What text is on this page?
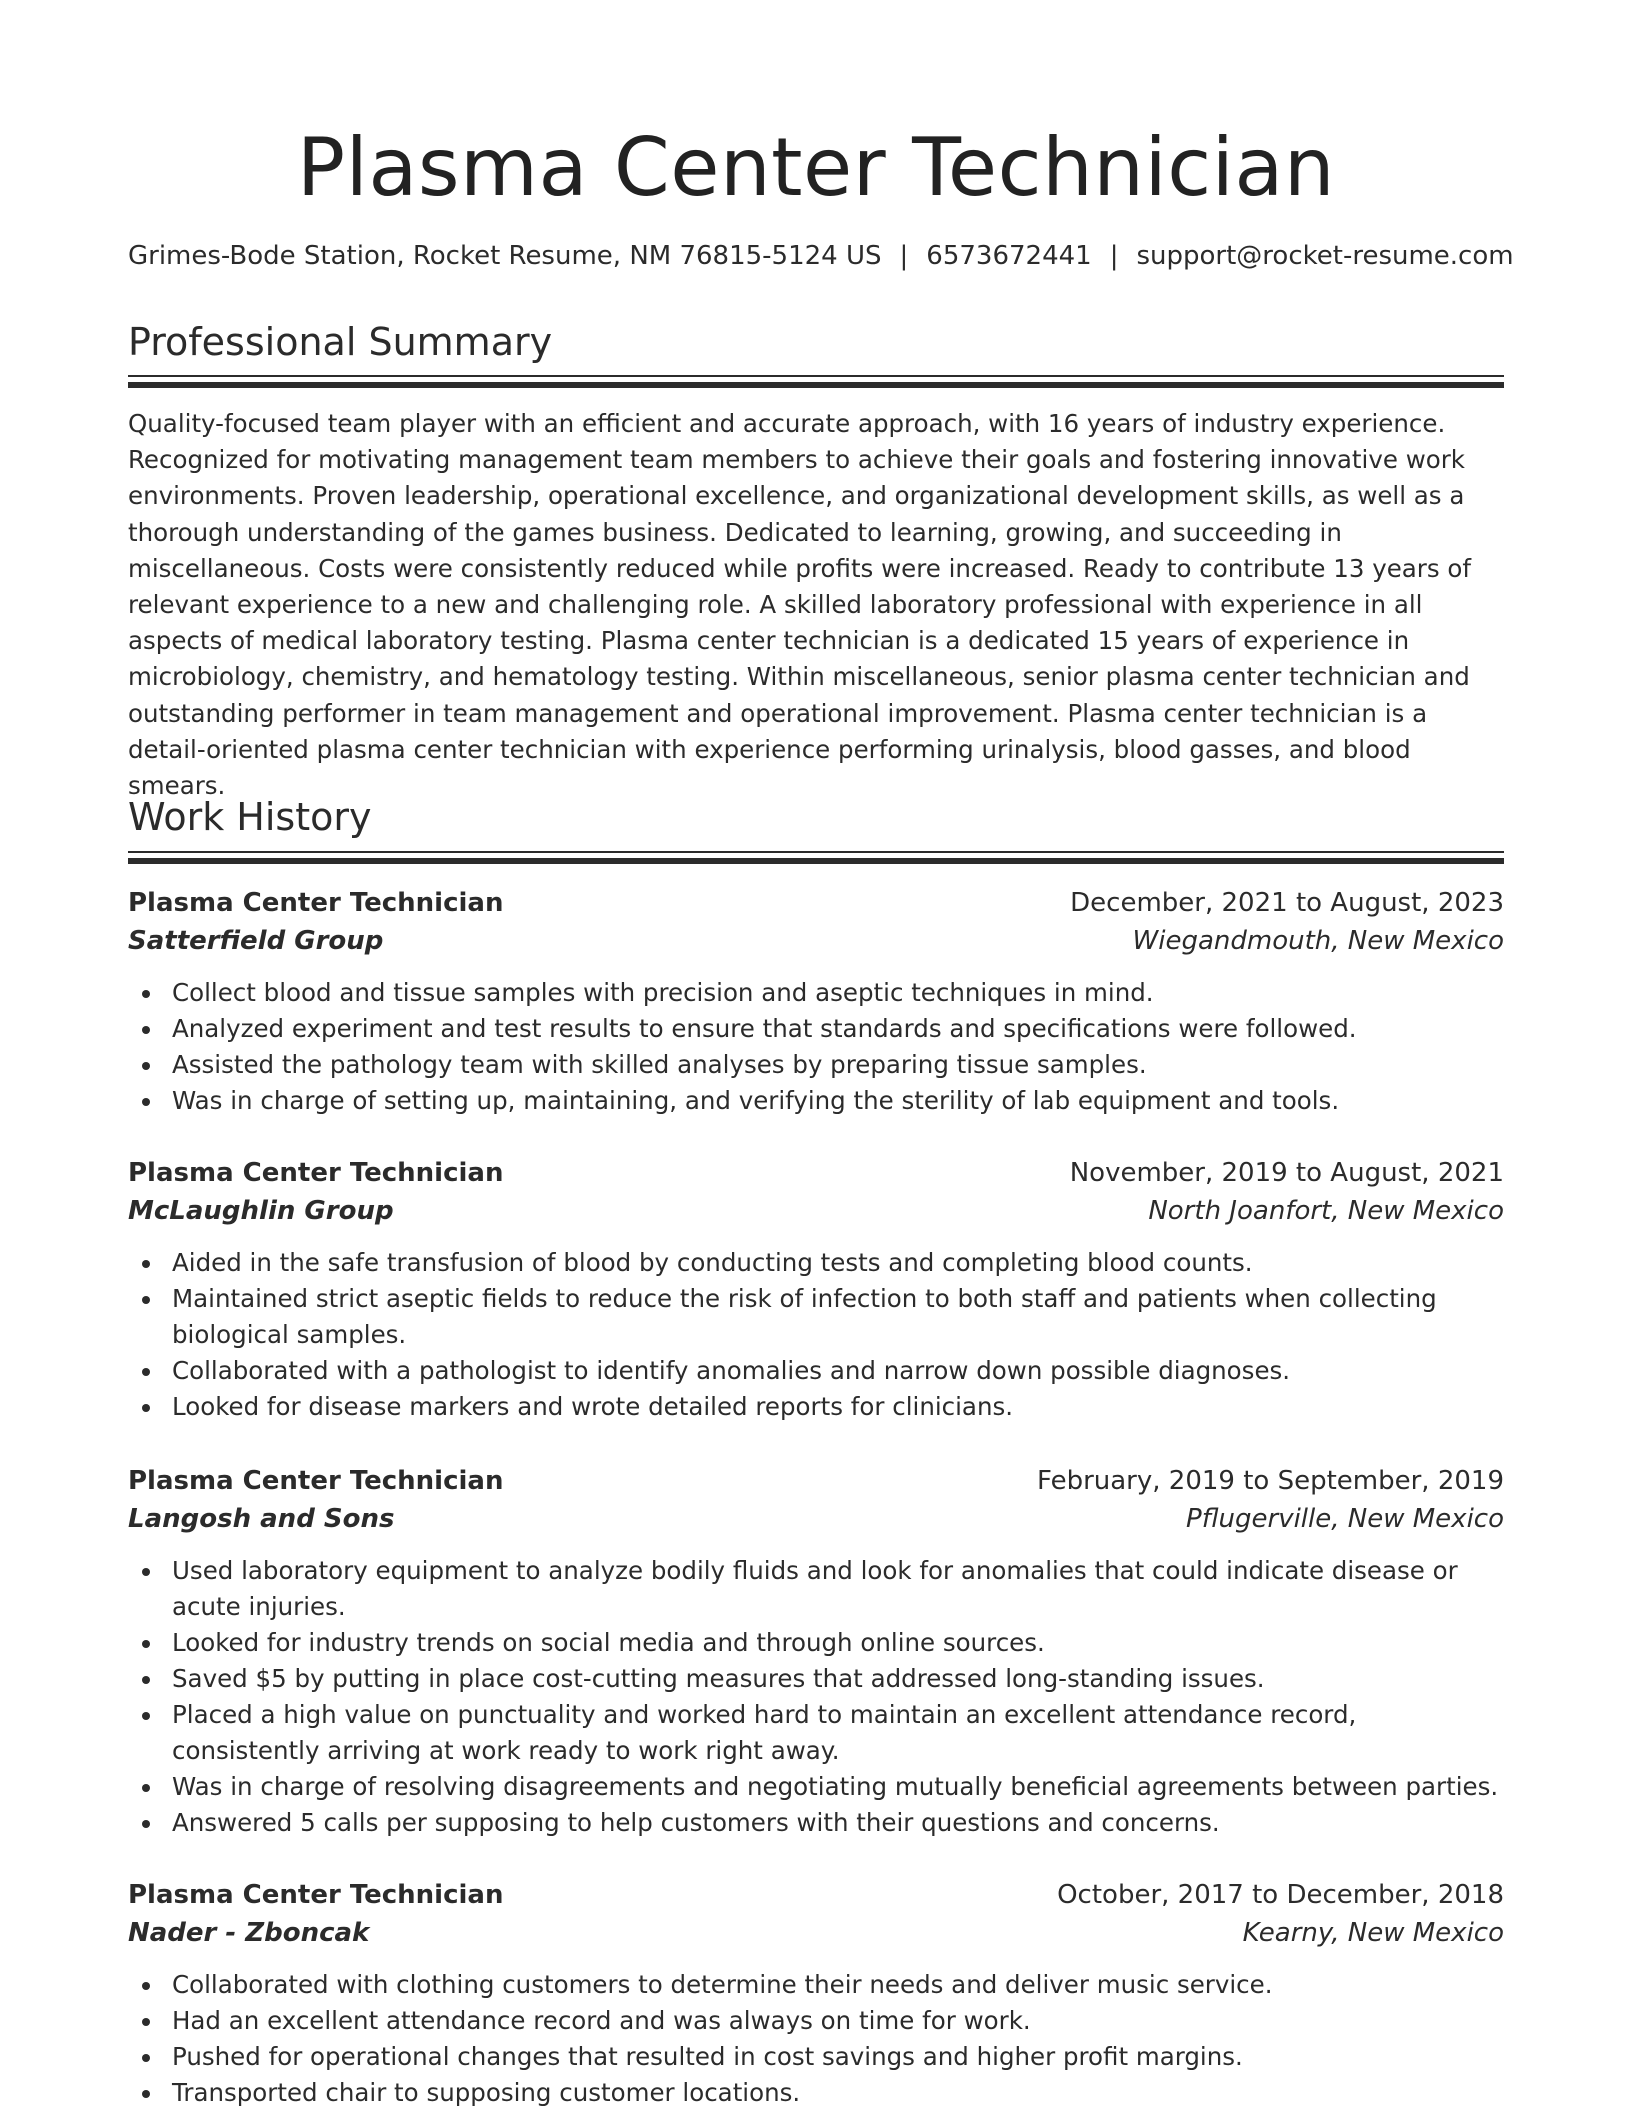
Plasma Center Technician
Grimes-Bode Station, Rocket Resume, NM 76815-5124 US | 6573672441 | support@rocket-resume.com
Professional Summary

Quality-focused team player with an efficient and accurate approach, with 16 years of industry experience. Recognized for motivating management team members to achieve their goals and fostering innovative work environments. Proven leadership, operational excellence, and organizational development skills, as well as a thorough understanding of the games business. Dedicated to learning, growing, and succeeding in miscellaneous. Costs were consistently reduced while profits were increased. Ready to contribute 13 years of relevant experience to a new and challenging role. A skilled laboratory professional with experience in all aspects of medical laboratory testing. Plasma center technician is a dedicated 15 years of experience in microbiology, chemistry, and hematology testing. Within miscellaneous, senior plasma center technician and outstanding performer in team management and operational improvement. Plasma center technician is a detail-oriented plasma center technician with experience performing urinalysis, blood gasses, and blood smears.

Work History
Plasma Center Technician	December, 2021 to August, 2023
Satterfield Group	Wiegandmouth, New Mexico
Collect blood and tissue samples with precision and aseptic techniques in mind.
Analyzed experiment and test results to ensure that standards and specifications were followed.
Assisted the pathology team with skilled analyses by preparing tissue samples.
Was in charge of setting up, maintaining, and verifying the sterility of lab equipment and tools.
Plasma Center Technician	November, 2019 to August, 2021
McLaughlin Group	North Joanfort, New Mexico
Aided in the safe transfusion of blood by conducting tests and completing blood counts.
Maintained strict aseptic fields to reduce the risk of infection to both staff and patients when collecting biological samples.
Collaborated with a pathologist to identify anomalies and narrow down possible diagnoses.
Looked for disease markers and wrote detailed reports for clinicians.
Plasma Center Technician	February, 2019 to September, 2019
Langosh and Sons	Pflugerville, New Mexico
Used laboratory equipment to analyze bodily fluids and look for anomalies that could indicate disease or acute injuries.
Looked for industry trends on social media and through online sources.
Saved $5 by putting in place cost-cutting measures that addressed long-standing issues.
Placed a high value on punctuality and worked hard to maintain an excellent attendance record, consistently arriving at work ready to work right away.
Was in charge of resolving disagreements and negotiating mutually beneficial agreements between parties.
Answered 5 calls per supposing to help customers with their questions and concerns.
Plasma Center Technician	October, 2017 to December, 2018
Nader - Zboncak	Kearny, New Mexico
Collaborated with clothing customers to determine their needs and deliver music service.
Had an excellent attendance record and was always on time for work.
Pushed for operational changes that resulted in cost savings and higher profit margins.
Transported chair to supposing customer locations.
